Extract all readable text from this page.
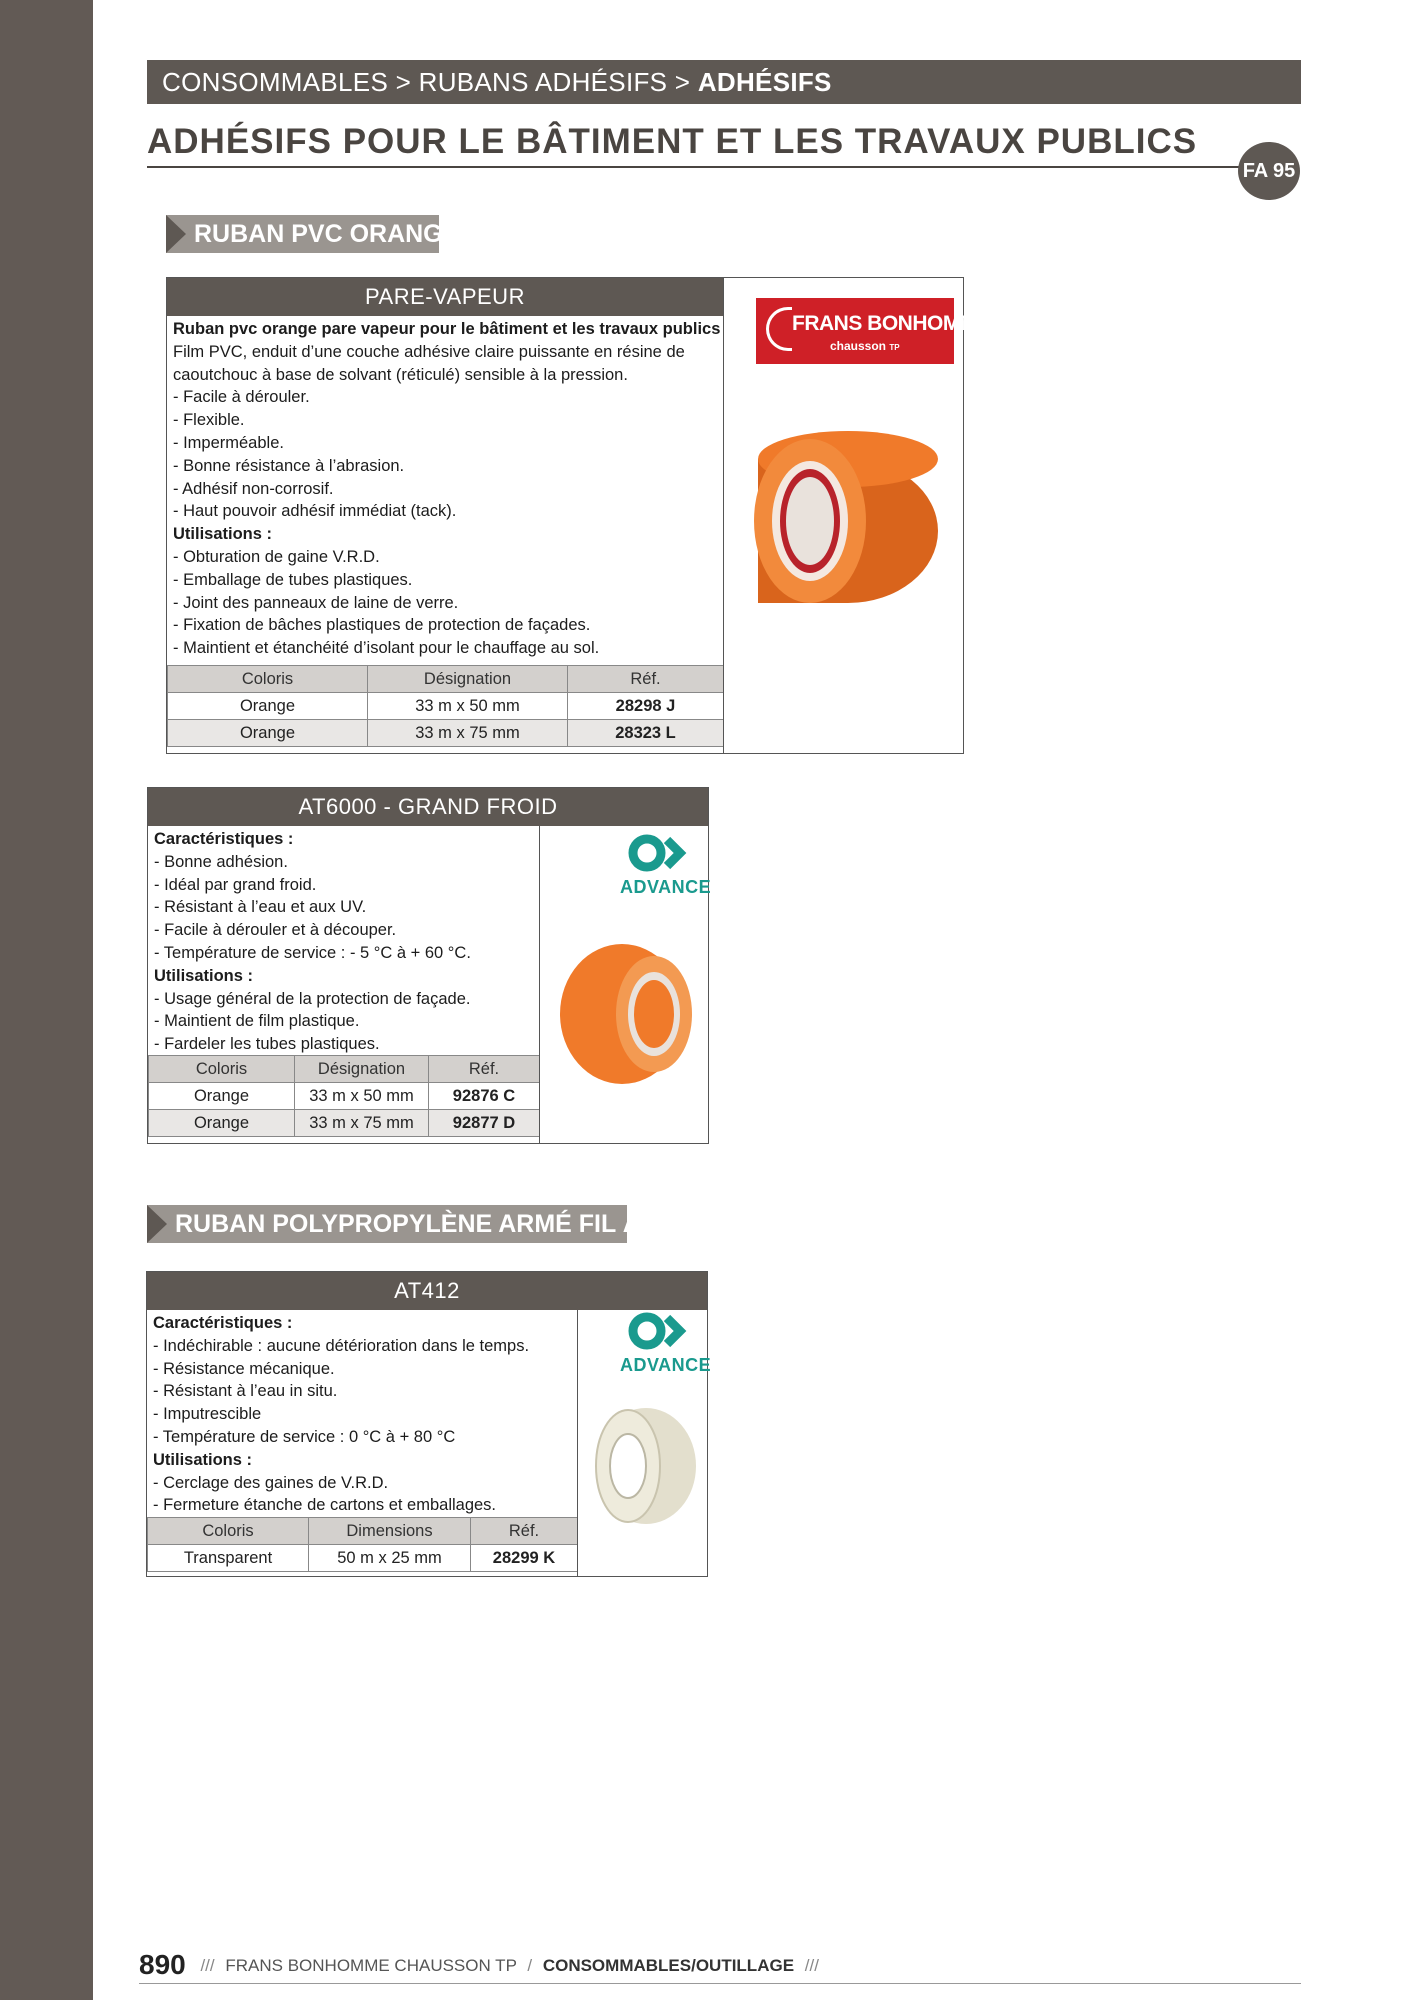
CONSOMMABLES > RUBANS ADHÉSIFS > ADHÉSIFS
ADHÉSIFS POUR LE BÂTIMENT ET LES TRAVAUX PUBLICS
FA 95
RUBAN PVC ORANGE
PARE-VAPEUR
Ruban pvc orange pare vapeur pour le bâtiment et les travaux publics
Film PVC, enduit d’une couche adhésive claire puissante en résine de
caoutchouc à base de solvant (réticulé) sensible à la pression.
- Facile à dérouler.
- Flexible.
- Imperméable.
- Bonne résistance à l’abrasion.
- Adhésif non-corrosif.
- Haut pouvoir adhésif immédiat (tack).
Utilisations :
- Obturation de gaine V.R.D.
- Emballage de tubes plastiques.
- Joint des panneaux de laine de verre.
- Fixation de bâches plastiques de protection de façades.
- Maintient et étanchéité d’isolant pour le chauffage au sol.
Coloris	Désignation	Réf.
Orange	33 m x 50 mm	28298 J
Orange	33 m x 75 mm	28323 L
FRANS BONHOMME
chausson TP
AT6000 - GRAND FROID
Caractéristiques :
- Bonne adhésion.
- Idéal par grand froid.
- Résistant à l’eau et aux UV.
- Facile à dérouler et à découper.
- Température de service : - 5 °C à + 60 °C.
Utilisations :
- Usage général de la protection de façade.
- Maintient de film plastique.
- Fardeler les tubes plastiques.
Coloris	Désignation	Réf.
Orange	33 m x 50 mm	92876 C
Orange	33 m x 75 mm	92877 D
ADVANCE
RUBAN POLYPROPYLÈNE ARMÉ FIL À FIL
AT412
Caractéristiques :
- Indéchirable : aucune détérioration dans le temps.
- Résistance mécanique.
- Résistant à l’eau in situ.
- Imputrescible
- Température de service : 0 °C à + 80 °C
Utilisations :
- Cerclage des gaines de V.R.D.
- Fermeture étanche de cartons et emballages.
Coloris	Dimensions	Réf.
Transparent	50 m x 25 mm	28299 K
ADVANCE
890 /// FRANS BONHOMME CHAUSSON TP / CONSOMMABLES/OUTILLAGE ///
